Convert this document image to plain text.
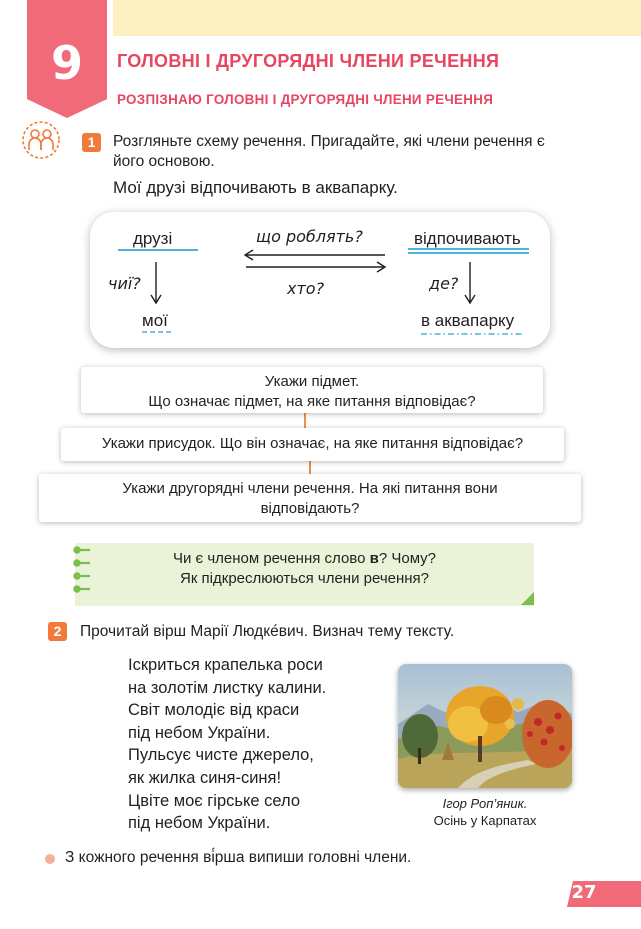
9	ГОЛОВНІ І ДРУГОРЯДНІ ЧЛЕНИ РЕЧЕННЯ
РОЗПІЗНАЮ ГОЛОВНІ І ДРУГОРЯДНІ ЧЛЕНИ РЕЧЕННЯ
1	Розгляньте схему речення. Пригадайте, які члени речення є
його основою.
Мої друзі відпочивають в аквапарку.
друзі	відпочивають
що роблять?
хто?
чиї?	де?
мої	в аквапарку
Укажи підмет.
Що означає підмет, на яке питання відповідає?
Укажи присудок. Що він означає, на яке питання відповідає?
Укажи другорядні члени речення. На які питання вони
відповідають?
Чи є членом речення слово в? Чому?
Як підкреслюються члени речення?
2	Прочитай вірш Марії Людке́вич. Визнач тему тексту.
Іскриться крапелька роси
на золотім листку калини.
Світ молодіє від краси
під небом України.
Пульсує чисте джерело,
як жилка синя-синя!
Цвіте моє гірське село
під небом України.
Ігор Роп’яник.
Осінь у Карпатах
З кожного речення ві́рша випиши головні члени.
27
